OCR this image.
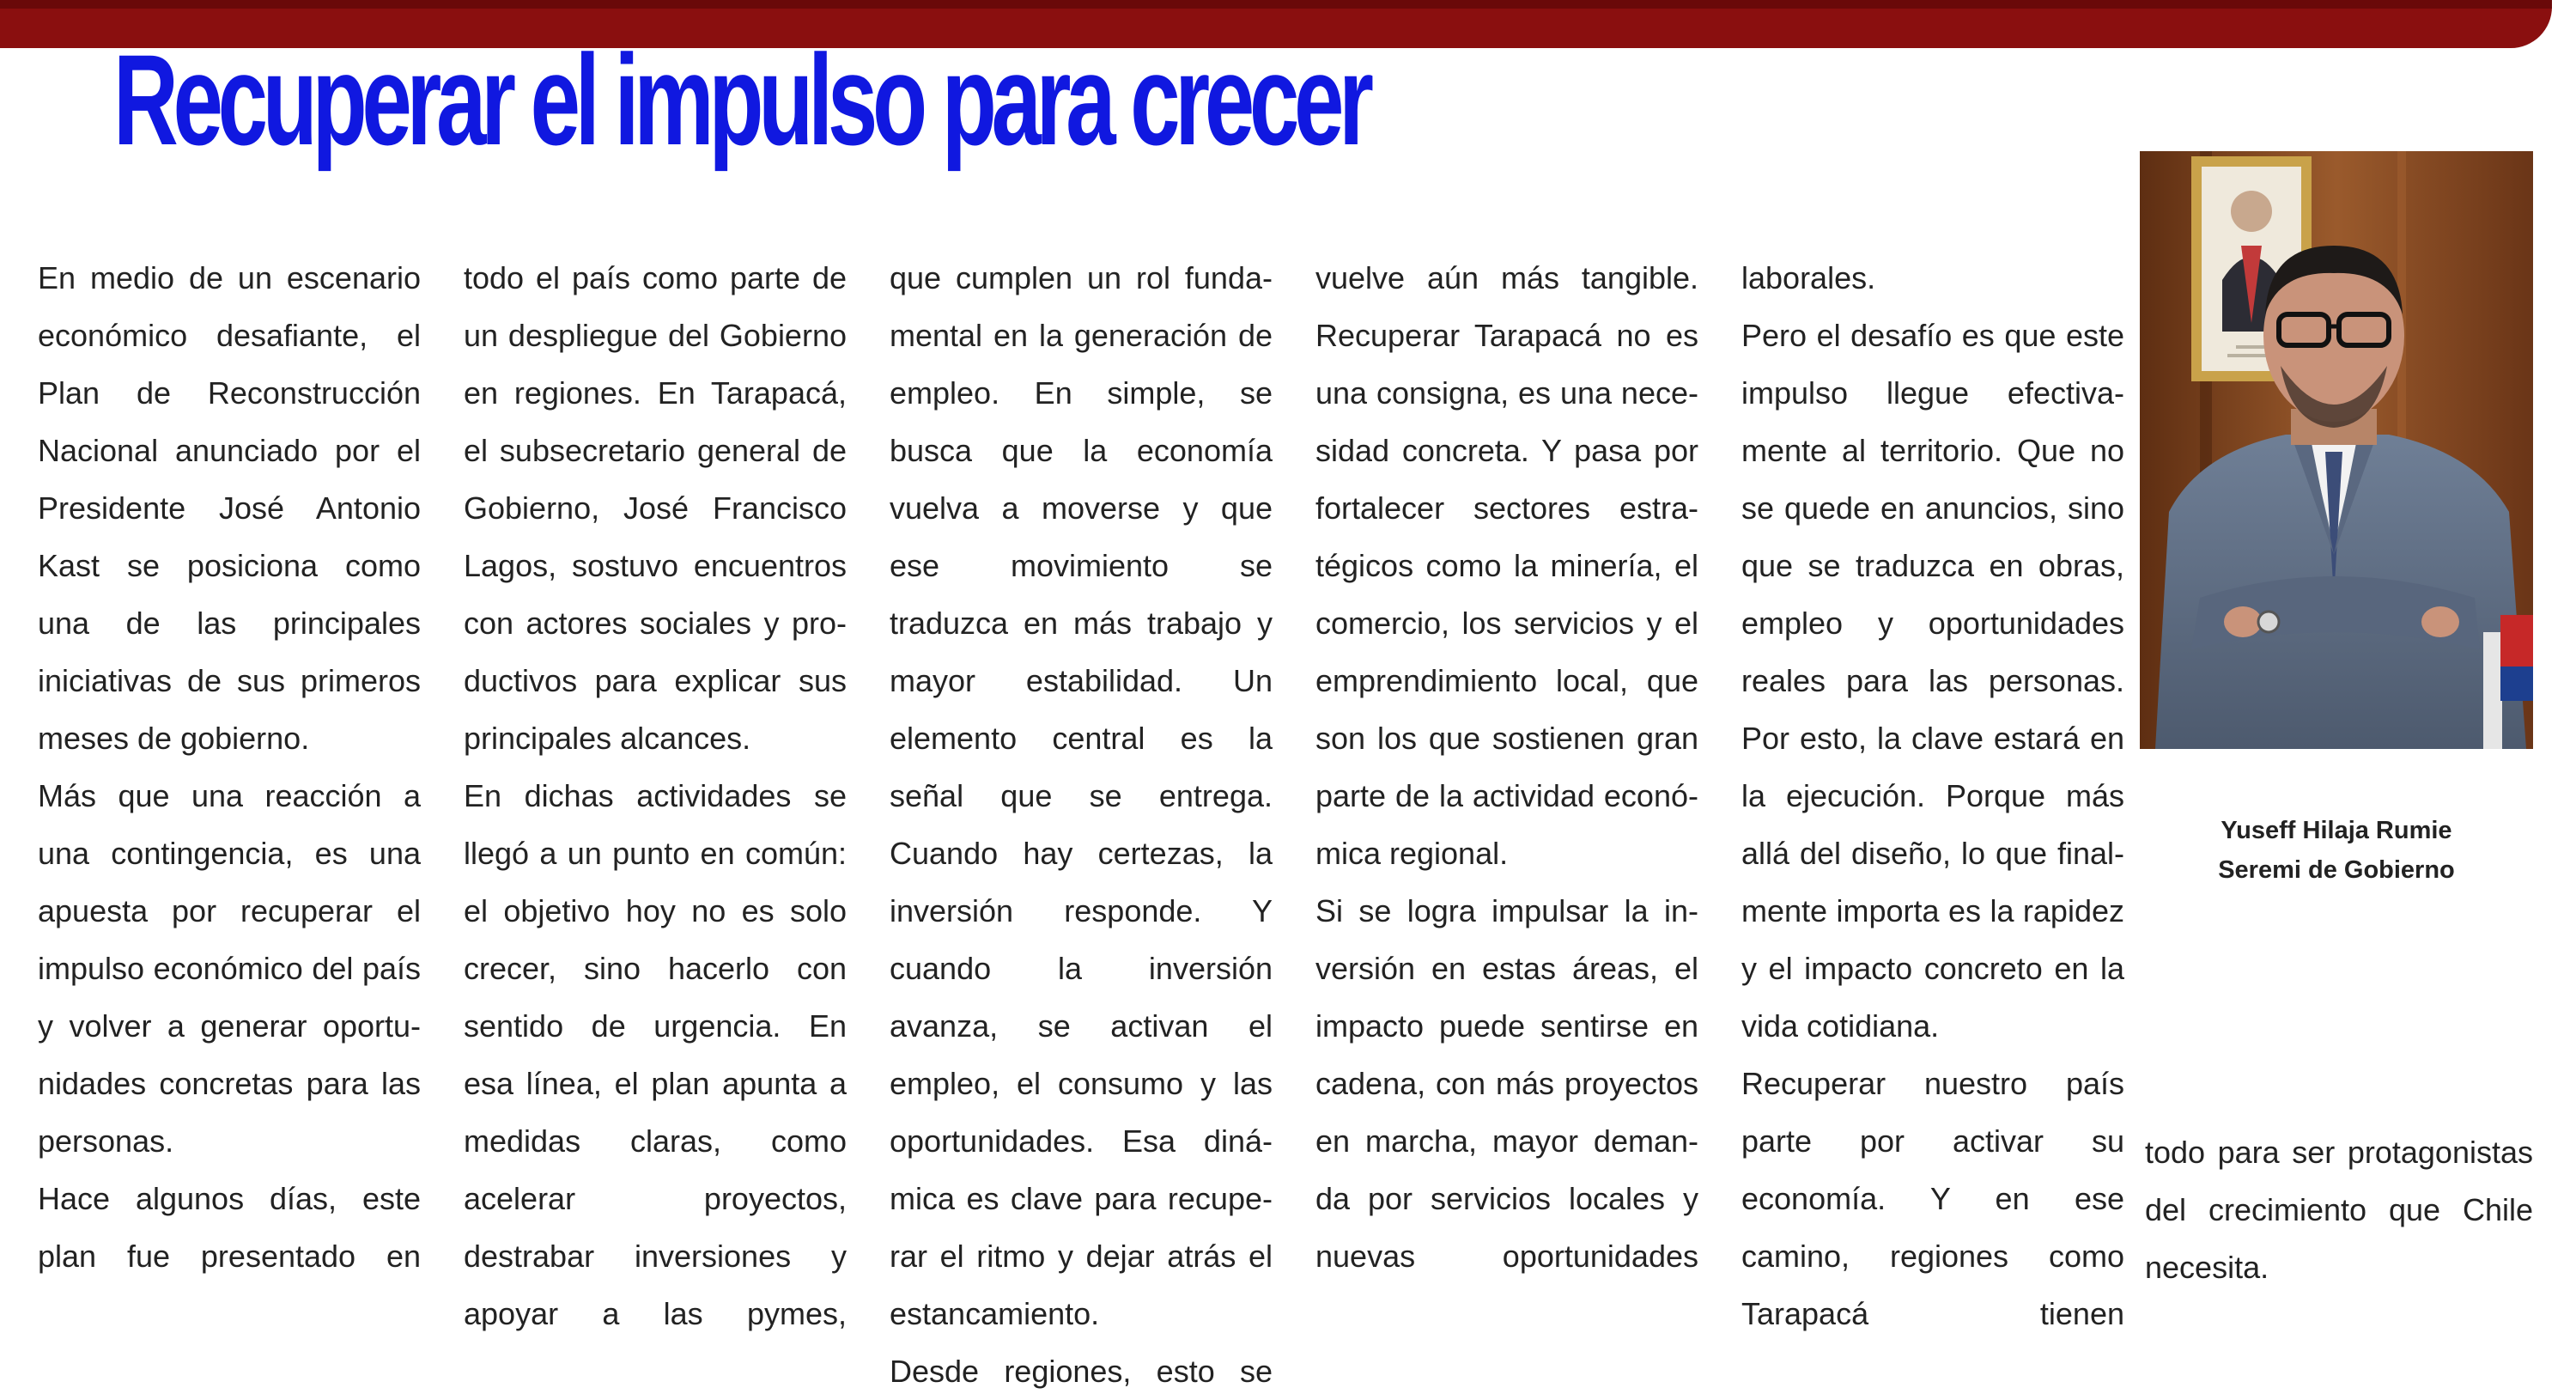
Recuperar el impulso para crecer

En medio de un escenario económico desafiante, el Plan de Reconstrucción Nacional anunciado por el Presidente José Antonio Kast se posiciona como una de las principales iniciativas de sus primeros meses de gobierno.

Más que una reacción a una contingencia, es una apuesta por recuperar el impulso económico del país y volver a generar oportunidades concretas para las personas.

Hace algunos días, este plan fue presentado en

todo el país como parte de un despliegue del Gobierno en regiones. En Tarapacá, el subsecretario general de Gobierno, José Francisco Lagos, sostuvo encuentros con actores sociales y productivos para explicar sus principales alcances.

En dichas actividades se llegó a un punto en común: el objetivo hoy no es solo crecer, sino hacerlo con sentido de urgencia. En esa línea, el plan apunta a medidas claras, como acelerar proyectos, destrabar inversiones y apoyar a las pymes,

que cumplen un rol fundamental en la generación de empleo. En simple, se busca que la economía vuelva a moverse y que ese movimiento se traduzca en más trabajo y mayor estabilidad. Un elemento central es la señal que se entrega. Cuando hay certezas, la inversión responde. Y cuando la inversión avanza, se activan el empleo, el consumo y las oportunidades. Esa dinámica es clave para recuperar el ritmo y dejar atrás el estancamiento.

Desde regiones, esto se

vuelve aún más tangible. Recuperar Tarapacá no es una consigna, es una necesidad concreta. Y pasa por fortalecer sectores estratégicos como la minería, el comercio, los servicios y el emprendimiento local, que son los que sostienen gran parte de la actividad económica regional.

Si se logra impulsar la inversión en estas áreas, el impacto puede sentirse en cadena, con más proyectos en marcha, mayor demanda por servicios locales y nuevas oportunidades

laborales.

Pero el desafío es que este impulso llegue efectivamente al territorio. Que no se quede en anuncios, sino que se traduzca en obras, empleo y oportunidades reales para las personas. Por esto, la clave estará en la ejecución. Porque más allá del diseño, lo que finalmente importa es la rapidez y el impacto concreto en la vida cotidiana.

Recuperar nuestro país parte por activar su economía. Y en ese camino, regiones como Tarapacá tienen

Yuseff Hilaja Rumie
Seremi de Gobierno

todo para ser protagonistas del crecimiento que Chile necesita.
